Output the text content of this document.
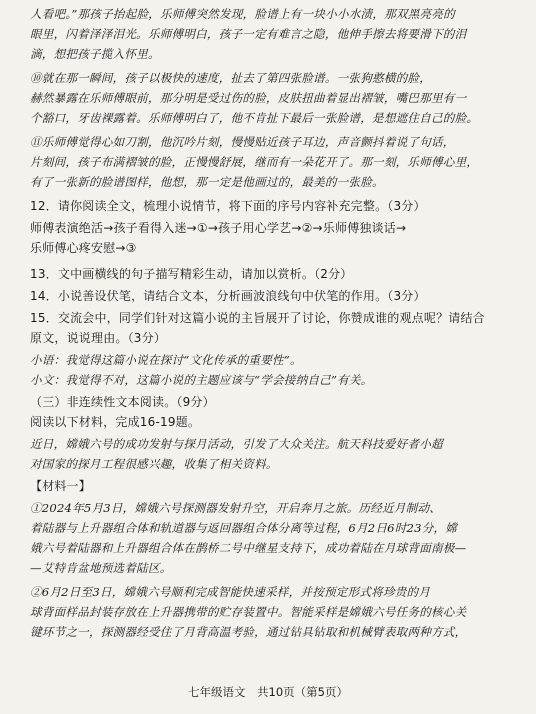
人看吧。”那孩子抬起脸，乐师傅突然发现，脸谱上有一块小小水渍，那双黑亮亮的
眼里，闪着泽泽泪光。乐师傅明白，孩子一定有难言之隐，他伸手擦去将要滑下的泪
滴，想把孩子揽入怀里。
⑩就在那一瞬间，孩子以极快的速度，扯去了第四张脸谱。一张狗憨横的脸，
赫然暴露在乐师傅眼前，那分明是受过伤的脸，皮肤扭曲着显出褶皱，嘴巴那里有一
个豁口，牙齿裸露着。乐师傅明白了，他不肯扯下最后一张脸谱，是想遮住自己的脸。
⑪乐师傅觉得心如刀割，他沉吟片刻，慢慢贴近孩子耳边，声音颤抖着说了句话，
片刻间，孩子布满褶皱的脸，正慢慢舒展，继而有一朵花开了。那一刻，乐师傅心里，
有了一张新的脸谱图样，他想，那一定是他画过的，最美的一张脸。
12．请你阅读全文，梳理小说情节，将下面的序号内容补充完整。（3分）
师傅表演绝活→孩子看得入迷→①→孩子用心学艺→②→乐师傅独谈话→
乐师傅心疼安慰→③
13．文中画横线的句子描写精彩生动，请加以赏析。（2分）
14．小说善设伏笔，请结合文本，分析画波浪线句中伏笔的作用。（3分）
15．交流会中，同学们针对这篇小说的主旨展开了讨论，你赞成谁的观点呢？请结合
原文，说说理由。（3分）
小语：我觉得这篇小说在探讨“文化传承的重要性”。
小文：我觉得不对，这篇小说的主题应该与“学会接纳自己”有关。
（三）非连续性文本阅读。（9分）
阅读以下材料，完成16-19题。
近日，嫦娥六号的成功发射与探月活动，引发了大众关注。航天科技爱好者小超
对国家的探月工程很感兴趣，收集了相关资料。
【材料一】
①2024年5月3日，嫦娥六号探测器发射升空，开启奔月之旅。历经近月制动、
着陆器与上升器组合体和轨道器与返回器组合体分离等过程，6月2日6时23分，嫦
娥六号着陆器和上升器组合体在鹊桥二号中继星支持下，成功着陆在月球背面南极—
—艾特肯盆地预选着陆区。
②6月2日至3日，嫦娥六号顺利完成智能快速采样，并按预定形式将珍贵的月
球背面样品封装存放在上升器携带的贮存装置中。智能采样是嫦娥六号任务的核心关
键环节之一，探测器经受住了月背高温考验，通过钻具钻取和机械臂表取两种方式，
七年级语文　共10页（第5页）
